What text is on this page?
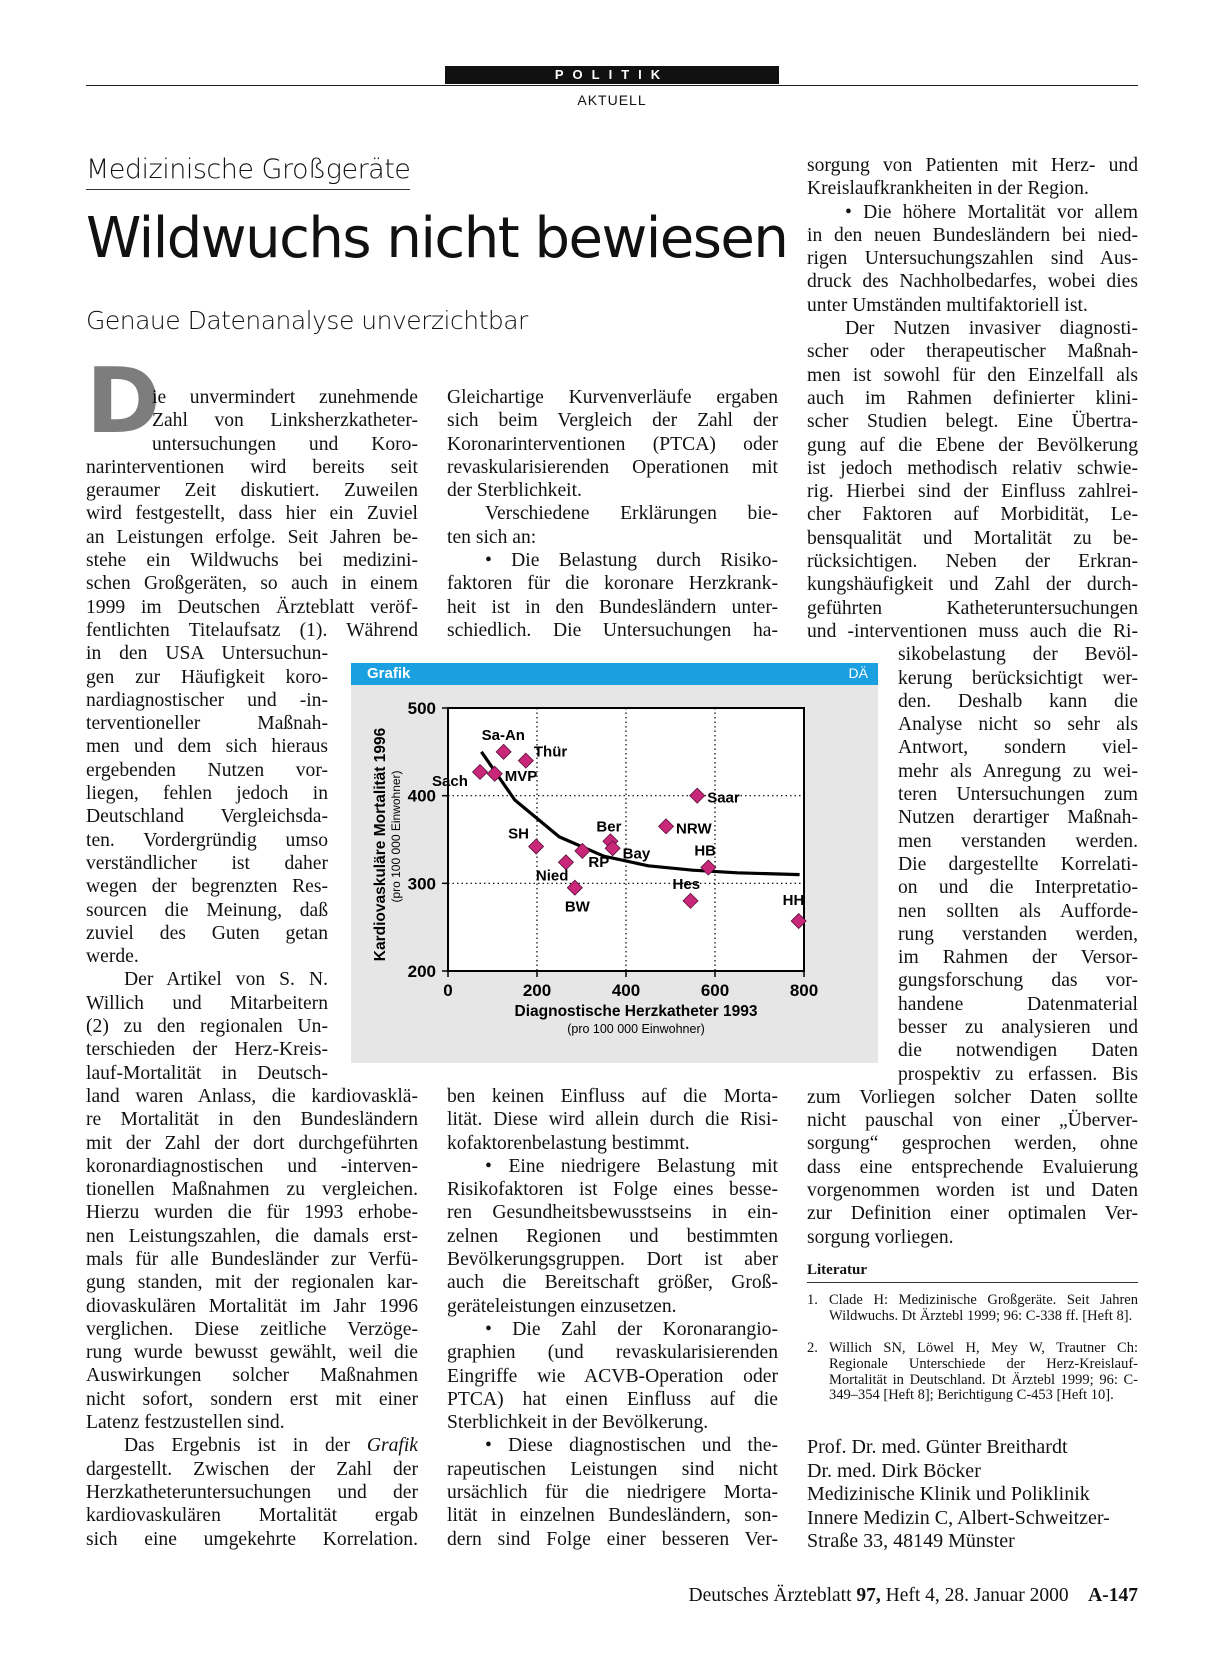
POLITIK
AKTUELL
Medizinische Großgeräte
Wildwuchs nicht bewiesen
Genaue Datenanalyse unverzichtbar
D
ie unvermindert zunehmende
Zahl von Linksherzkatheter-
untersuchungen und Koro-
narinterventionen wird bereits seit
geraumer Zeit diskutiert. Zuweilen
wird festgestellt, dass hier ein Zuviel
an Leistungen erfolge. Seit Jahren be-
stehe ein Wildwuchs bei medizini-
schen Großgeräten, so auch in einem
1999 im Deutschen Ärzteblatt veröf-
fentlichten Titelaufsatz (1). Während
in den USA Untersuchun-
gen zur Häufigkeit koro-
nardiagnostischer und -in-
terventioneller Maßnah-
men und dem sich hieraus
ergebenden Nutzen vor-
liegen, fehlen jedoch in
Deutschland Vergleichsda-
ten. Vordergründig umso
verständlicher ist daher
wegen der begrenzten Res-
sourcen die Meinung, daß
zuviel des Guten getan
werde.
Der Artikel von S. N.
Willich und Mitarbeitern
(2) zu den regionalen Un-
terschieden der Herz-Kreis-
lauf-Mortalität in Deutsch-
land waren Anlass, die kardiovasklä-
re Mortalität in den Bundesländern
mit der Zahl der dort durchgeführten
koronardiagnostischen und -interven-
tionellen Maßnahmen zu vergleichen.
Hierzu wurden die für 1993 erhobe-
nen Leistungszahlen, die damals erst-
mals für alle Bundesländer zur Verfü-
gung standen, mit der regionalen kar-
diovaskulären Mortalität im Jahr 1996
verglichen. Diese zeitliche Verzöge-
rung wurde bewusst gewählt, weil die
Auswirkungen solcher Maßnahmen
nicht sofort, sondern erst mit einer
Latenz festzustellen sind.
Das Ergebnis ist in der Grafik
dargestellt. Zwischen der Zahl der
Herzkatheteruntersuchungen und der
kardiovaskulären Mortalität ergab
sich eine umgekehrte Korrelation.
Gleichartige Kurvenverläufe ergaben
sich beim Vergleich der Zahl der
Koronarinterventionen (PTCA) oder
revaskularisierenden Operationen mit
der Sterblichkeit.
Verschiedene Erklärungen bie-
ten sich an:
• Die Belastung durch Risiko-
faktoren für die koronare Herzkrank-
heit ist in den Bundesländern unter-
schiedlich. Die Untersuchungen ha-
ben keinen Einfluss auf die Morta-
lität. Diese wird allein durch die Risi-
kofaktorenbelastung bestimmt.
• Eine niedrigere Belastung mit
Risikofaktoren ist Folge eines besse-
ren Gesundheitsbewusstseins in ein-
zelnen Regionen und bestimmten
Bevölkerungsgruppen. Dort ist aber
auch die Bereitschaft größer, Groß-
geräteleistungen einzusetzen.
• Die Zahl der Koronarangio-
graphien (und revaskularisierenden
Eingriffe wie ACVB-Operation oder
PTCA) hat einen Einfluss auf die
Sterblichkeit in der Bevölkerung.
• Diese diagnostischen und the-
rapeutischen Leistungen sind nicht
ursächlich für die niedrigere Morta-
lität in einzelnen Bundesländern, son-
dern sind Folge einer besseren Ver-
sorgung von Patienten mit Herz- und
Kreislaufkrankheiten in der Region.
• Die höhere Mortalität vor allem
in den neuen Bundesländern bei nied-
rigen Untersuchungszahlen sind Aus-
druck des Nachholbedarfes, wobei dies
unter Umständen multifaktoriell ist.
Der Nutzen invasiver diagnosti-
scher oder therapeutischer Maßnah-
men ist sowohl für den Einzelfall als
auch im Rahmen definierter klini-
scher Studien belegt. Eine Übertra-
gung auf die Ebene der Bevölkerung
ist jedoch methodisch relativ schwie-
rig. Hierbei sind der Einfluss zahlrei-
cher Faktoren auf Morbidität, Le-
bensqualität und Mortalität zu be-
rücksichtigen. Neben der Erkran-
kungshäufigkeit und Zahl der durch-
geführten Katheteruntersuchungen
und -interventionen muss auch die Ri-
sikobelastung der Bevöl-
kerung berücksichtigt wer-
den. Deshalb kann die
Analyse nicht so sehr als
Antwort, sondern viel-
mehr als Anregung zu wei-
teren Untersuchungen zum
Nutzen derartiger Maßnah-
men verstanden werden.
Die dargestellte Korrelati-
on und die Interpretatio-
nen sollten als Aufforde-
rung verstanden werden,
im Rahmen der Versor-
gungsforschung das vor-
handene Datenmaterial
besser zu analysieren und
die notwendigen Daten
prospektiv zu erfassen. Bis
zum Vorliegen solcher Daten sollte
nicht pauschal von einer „Überver-
sorgung“ gesprochen werden, ohne
dass eine entsprechende Evaluierung
vorgenommen worden ist und Daten
zur Definition einer optimalen Ver-
sorgung vorliegen.
Grafik	DÄ
0	200	400	600	800
200
300
400
500
Diagnostische Herzkatheter 1993
(pro 100 000 Einwohner)
Kardiovaskuläre Mortalität 1996 (pro 100 000 Einwohner)
Sa-An
Thür
Sach MVP
Saar
NRW
Ber
Bay
SH
RP
Nied
HB
BW
Hes
HH
Literatur
1. Clade H: Medizinische Großgeräte. Seit Jahren Wildwuchs. Dt Ärztebl 1999; 96: C-338 ff. [Heft 8].
2. Willich SN, Löwel H, Mey W, Trautner Ch: Regionale Unterschiede der Herz-Kreislauf-Mortalität in Deutschland. Dt Ärztebl 1999; 96: C-349–354 [Heft 8]; Berichtigung C-453 [Heft 10].
Prof. Dr. med. Günter Breithardt
Dr. med. Dirk Böcker
Medizinische Klinik und Poliklinik
Innere Medizin C, Albert-Schweitzer-
Straße 33, 48149 Münster
Deutsches Ärzteblatt 97, Heft 4, 28. Januar 2000 A-147
